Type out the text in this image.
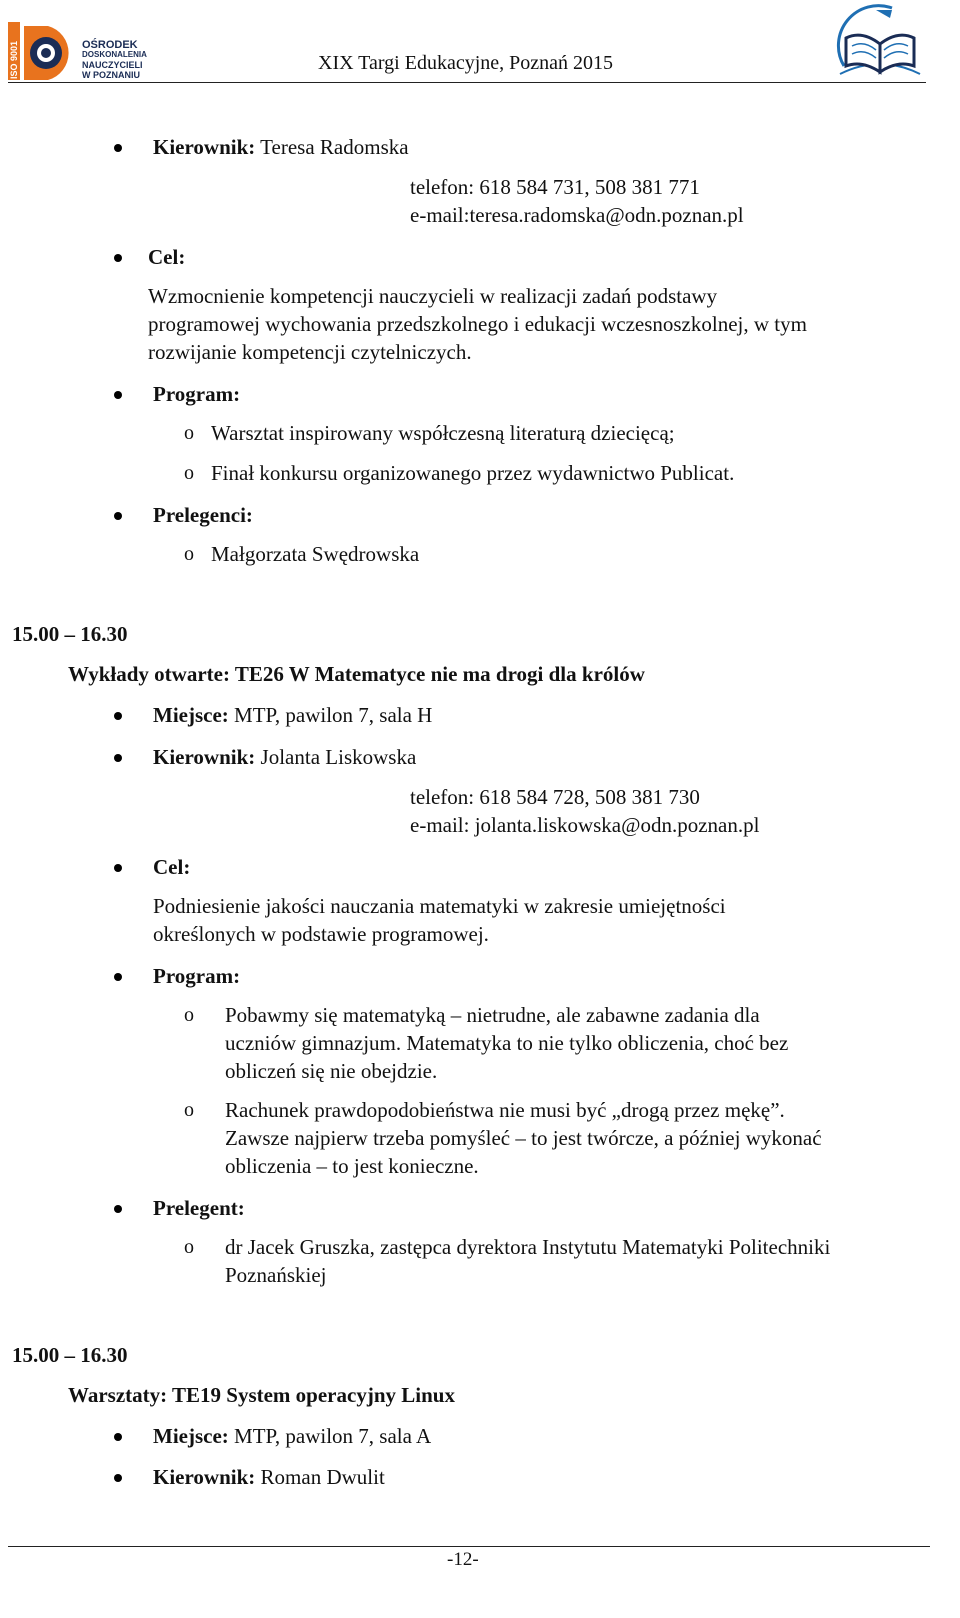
ISO 9001	OŚRODEK
DOSKONALENIA
NAUCZYCIELI
W POZNANIU
XIX Targi Edukacyjne, Poznań 2015
Kierownik: Teresa Radomska
telefon: 618 584 731, 508 381 771
e-mail:teresa.radomska@odn.poznan.pl
Cel:
Wzmocnienie kompetencji nauczycieli w realizacji zadań podstawy
programowej wychowania przedszkolnego i edukacji wczesnoszkolnej, w tym
rozwijanie kompetencji czytelniczych.
Program:
o Warsztat inspirowany współczesną literaturą dziecięcą;
o Finał konkursu organizowanego przez wydawnictwo Publicat.
Prelegenci:
o Małgorzata Swędrowska
15.00 – 16.30
Wykłady otwarte: TE26 W Matematyce nie ma drogi dla królów
Miejsce: MTP, pawilon 7, sala H
Kierownik: Jolanta Liskowska
telefon: 618 584 728, 508 381 730
e-mail: jolanta.liskowska@odn.poznan.pl
Cel:
Podniesienie jakości nauczania matematyki w zakresie umiejętności
określonych w podstawie programowej.
Program:
o Pobawmy się matematyką – nietrudne, ale zabawne zadania dla
uczniów gimnazjum. Matematyka to nie tylko obliczenia, choć bez
obliczeń się nie obejdzie.
o Rachunek prawdopodobieństwa nie musi być „drogą przez mękę”.
Zawsze najpierw trzeba pomyśleć – to jest twórcze, a później wykonać
obliczenia – to jest konieczne.
Prelegent:
o dr Jacek Gruszka, zastępca dyrektora Instytutu Matematyki Politechniki
Poznańskiej
15.00 – 16.30
Warsztaty: TE19 System operacyjny Linux
Miejsce: MTP, pawilon 7, sala A
Kierownik: Roman Dwulit
-12-
